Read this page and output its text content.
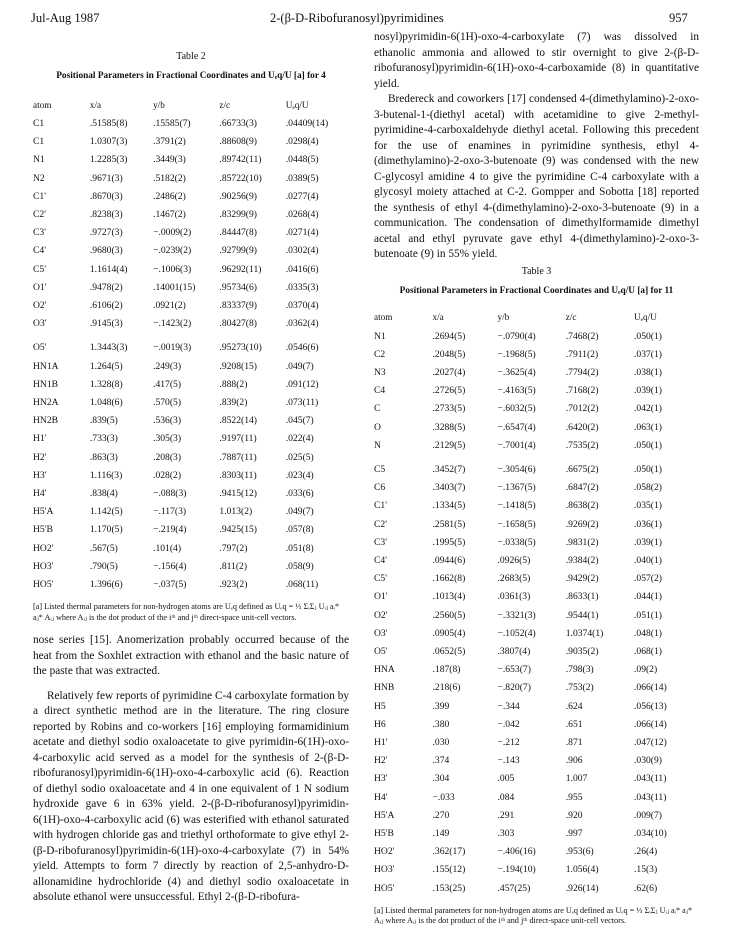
Jul-Aug 1987	2-(β-D-Ribofuranosyl)pyrimidines	957
Table 2
Positional Parameters in Fractional Coordinates and Uₑq/U [a] for 4
atom	x/a	y/b	z/c	Uₑq/U
C1	.51585(8)	.15585(7)	.66733(3)	.04409(14)
C1	1.0307(3)	.3791(2)	.88608(9)	.0298(4)
N1	1.2285(3)	.3449(3)	.89742(11)	.0448(5)
N2	.9671(3)	.5182(2)	.85722(10)	.0389(5)
C1'	.8670(3)	.2486(2)	.90256(9)	.0277(4)
C2'	.8238(3)	.1467(2)	.83299(9)	.0268(4)
C3'	.9727(3)	−.0009(2)	.84447(8)	.0271(4)
C4'	.9680(3)	−.0239(2)	.92799(9)	.0302(4)
C5'	1.1614(4)	−.1006(3)	.96292(11)	.0416(6)
O1'	.9478(2)	.14001(15)	.95734(6)	.0335(3)
O2'	.6106(2)	.0921(2)	.83337(9)	.0370(4)
O3'	.9145(3)	−.1423(2)	.80427(8)	.0362(4)
O5'	1.3443(3)	−.0019(3)	.95273(10)	.0546(6)
HN1A	1.264(5)	.249(3)	.9208(15)	.049(7)
HN1B	1.328(8)	.417(5)	.888(2)	.091(12)
HN2A	1.048(6)	.570(5)	.839(2)	.073(11)
HN2B	.839(5)	.536(3)	.8522(14)	.045(7)
H1'	.733(3)	.305(3)	.9197(11)	.022(4)
H2'	.863(3)	.208(3)	.7887(11)	.025(5)
H3'	1.116(3)	.028(2)	.8303(11)	.023(4)
H4'	.838(4)	−.088(3)	.9415(12)	.033(6)
H5'A	1.142(5)	−.117(3)	1.013(2)	.049(7)
H5'B	1.170(5)	−.219(4)	.9425(15)	.057(8)
HO2'	.567(5)	.101(4)	.797(2)	.051(8)
HO3'	.790(5)	−.156(4)	.811(2)	.058(9)
HO5'	1.396(6)	−.037(5)	.923(2)	.068(11)
[a] Listed thermal parameters for non-hydrogen atoms are Uₑq defined as Uₑq = ⅓ ΣᵢΣⱼ Uᵢⱼ aᵢ* aⱼ* Aᵢⱼ where Aᵢⱼ is the dot product of the iᵗʰ and jᵗʰ direct-space unit-cell vectors.

nose series [15]. Anomerization probably occurred because of the heat from the Soxhlet extraction with ethanol and the basic nature of the paste that was extracted.

Relatively few reports of pyrimidine C-4 carboxylate formation by a direct synthetic method are in the literature. The ring closure reported by Robins and co-workers [16] employing formamidinium acetate and diethyl sodio oxaloacetate to give pyrimidin-6(1H)-oxo-4-carboxylic acid served as a model for the synthesis of 2-(β-D-ribofuranosyl)pyrimidin-6(1H)-oxo-4-carboxylic acid (6). Reaction of diethyl sodio oxaloacetate and 4 in one equivalent of 1 N sodium hydroxide gave 6 in 63% yield. 2-(β-D-ribofuranosyl)pyrimidin-6(1H)-oxo-4-carboxylic acid (6) was esterified with ethanol saturated with hydrogen chloride gas and triethyl orthoformate to give ethyl 2-(β-D-ribofuranosyl)pyrimidin-6(1H)-oxo-4-carboxylate (7) in 54% yield. Attempts to form 7 directly by reaction of 2,5-anhydro-D-allonamidine hydrochloride (4) and diethyl sodio oxaloacetate in absolute ethanol were unsuccessful. Ethyl 2-(β-D-ribofura-

nosyl)pyrimidin-6(1H)-oxo-4-carboxylate (7) was dissolved in ethanolic ammonia and allowed to stir overnight to give 2-(β-D-ribofuranosyl)pyrimidin-6(1H)-oxo-4-carboxamide (8) in quantitative yield.

Bredereck and coworkers [17] condensed 4-(dimethylamino)-2-oxo-3-butenal-1-(diethyl acetal) with acetamidine to give 2-methyl-pyrimidine-4-carboxaldehyde diethyl acetal. Following this precedent for the use of enamines in pyrimidine synthesis, ethyl 4-(dimethylamino)-2-oxo-3-butenoate (9) was condensed with the new C-glycosyl amidine 4 to give the pyrimidine C-4 carboxylate with a glycosyl moiety attached at C-2. Gompper and Sobotta [18] reported the synthesis of ethyl 4-(dimethylamino)-2-oxo-3-butenoate (9) in a communication. The condensation of dimethylformamide dimethyl acetal and ethyl pyruvate gave ethyl 4-(dimethylamino)-2-oxo-3-butenoate (9) in 55% yield.

Table 3
Positional Parameters in Fractional Coordinates and Uₑq/U [a] for 11
atom	x/a	y/b	z/c	Uₑq/U
N1	.2694(5)	−.0790(4)	.7468(2)	.050(1)
C2	.2048(5)	−.1968(5)	.7911(2)	.037(1)
N3	.2027(4)	−.3625(4)	.7794(2)	.038(1)
C4	.2726(5)	−.4163(5)	.7168(2)	.039(1)
C	.2733(5)	−.6032(5)	.7012(2)	.042(1)
O	.3288(5)	−.6547(4)	.6420(2)	.063(1)
N	.2129(5)	−.7001(4)	.7535(2)	.050(1)
C5	.3452(7)	−.3054(6)	.6675(2)	.050(1)
C6	.3403(7)	−.1367(5)	.6847(2)	.058(2)
C1'	.1334(5)	−.1418(5)	.8638(2)	.035(1)
C2'	.2581(5)	−.1658(5)	.9269(2)	.036(1)
C3'	.1995(5)	−.0338(5)	.9831(2)	.039(1)
C4'	.0944(6)	.0926(5)	.9384(2)	.040(1)
C5'	.1662(8)	.2683(5)	.9429(2)	.057(2)
O1'	.1013(4)	.0361(3)	.8633(1)	.044(1)
O2'	.2560(5)	−.3321(3)	.9544(1)	.051(1)
O3'	.0905(4)	−.1052(4)	1.0374(1)	.048(1)
O5'	.0652(5)	.3807(4)	.9035(2)	.068(1)
HNA	.187(8)	−.653(7)	.798(3)	.09(2)
HNB	.218(6)	−.820(7)	.753(2)	.066(14)
H5	.399	−.344	.624	.056(13)
H6	.380	−.042	.651	.066(14)
H1'	.030	−.212	.871	.047(12)
H2'	.374	−.143	.906	.030(9)
H3'	.304	.005	1.007	.043(11)
H4'	−.033	.084	.955	.043(11)
H5'A	.270	.291	.920	.009(7)
H5'B	.149	.303	.997	.034(10)
HO2'	.362(17)	−.406(16)	.953(6)	.26(4)
HO3'	.155(12)	−.194(10)	1.056(4)	.15(3)
HO5'	.153(25)	.457(25)	.926(14)	.62(6)
[a] Listed thermal parameters for non-hydrogen atoms are Uₑq defined as Uₑq = ⅓ ΣᵢΣⱼ Uᵢⱼ aᵢ* aⱼ* Aᵢⱼ where Aᵢⱼ is the dot product of the iᵗʰ and jᵗʰ direct-space unit-cell vectors.
